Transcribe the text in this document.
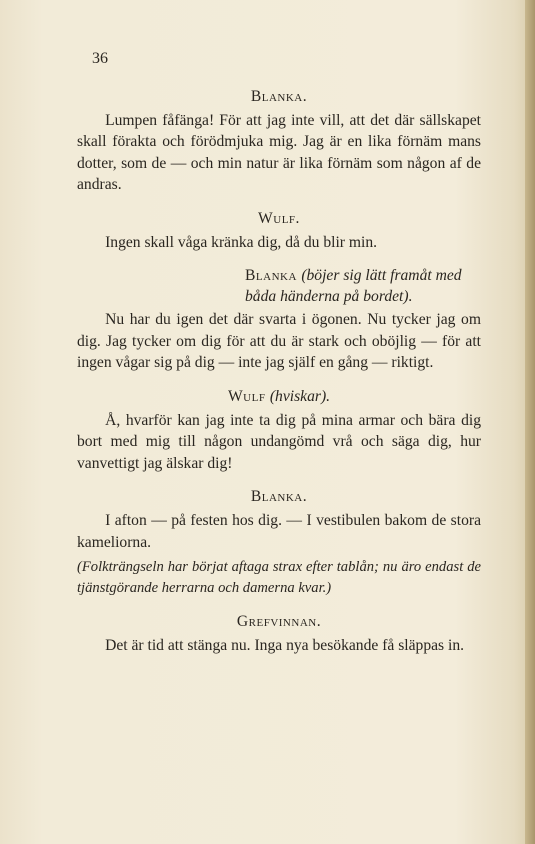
36
Blanka.

Lumpen fåfänga! För att jag inte vill, att det där sällskapet skall förakta och förödmjuka mig. Jag är en lika förnäm mans dotter, som de — och min natur är lika förnäm som någon af de andras.

Wulf.

Ingen skall våga kränka dig, då du blir min.

Blanka (böjer sig lätt framåt med båda händerna på bordet).

Nu har du igen det där svarta i ögonen. Nu tycker jag om dig. Jag tycker om dig för att du är stark och oböjlig — för att ingen vågar sig på dig — inte jag själf en gång — riktigt.

Wulf (hviskar).

Å, hvarför kan jag inte ta dig på mina armar och bära dig bort med mig till någon undangömd vrå och säga dig, hur vanvettigt jag älskar dig!

Blanka.

I afton — på festen hos dig. — I vestibulen bakom de stora kameliorna.

(Folkträngseln har börjat aftaga strax efter tablån; nu äro endast de tjänstgörande herrarna och damerna kvar.)

Grefvinnan.

Det är tid att stänga nu. Inga nya besökande få släppas in.
